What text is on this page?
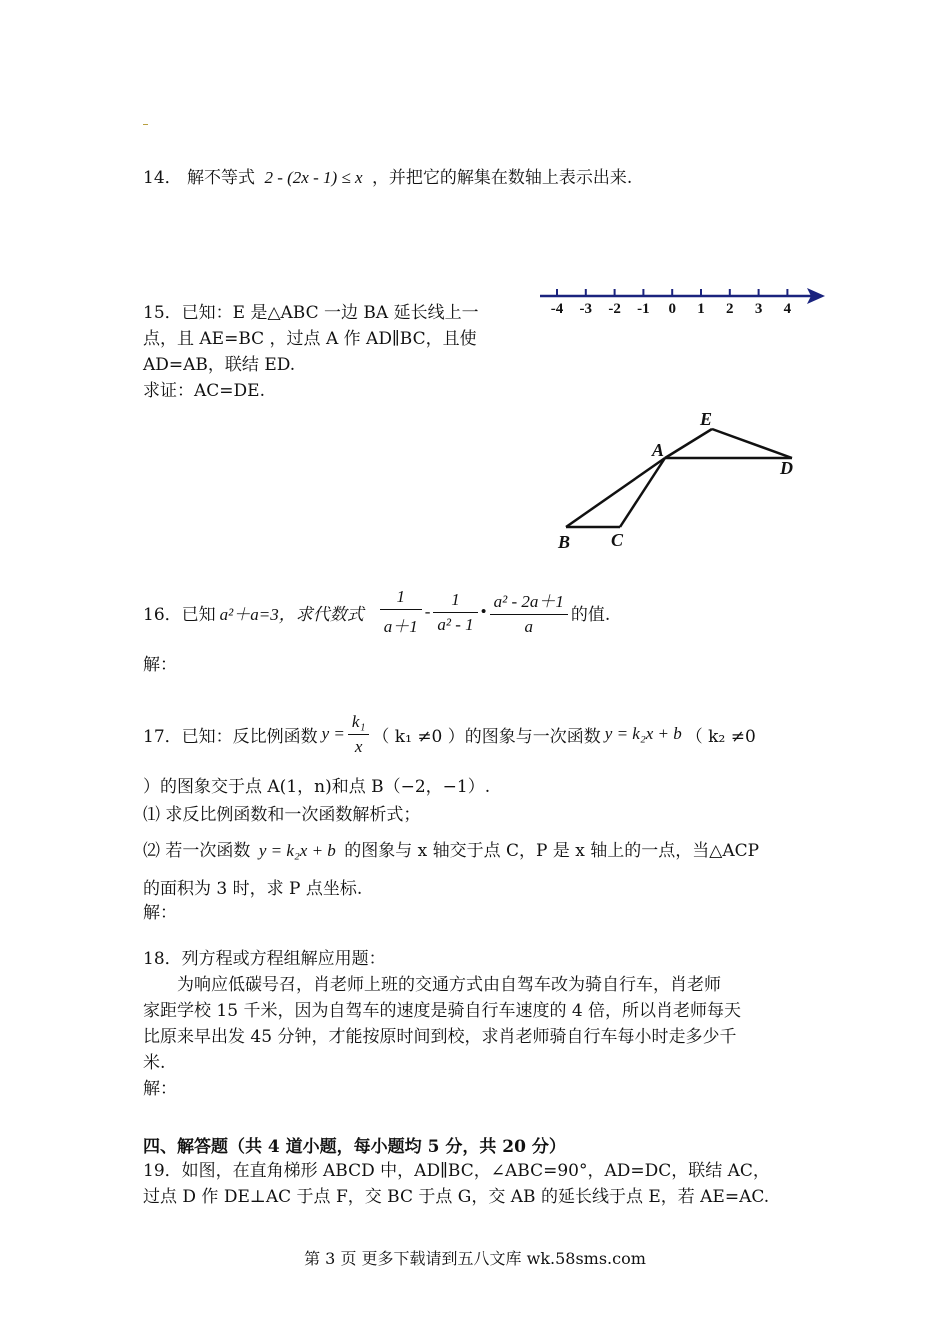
14． 解不等式 2 - (2x - 1) ≤ x ，并把它的解集在数轴上表示出来.
-4 -3 -2 -1 0 1 2 3 4
15．已知：E 是△ABC 一边 BA 延长线上一
点，且 AE=BC ，过点 A 作 AD∥BC，且使
AD=AB，联结 ED.
求证：AC=DE.
E
A
D
B C
16．已知 a²＋a=3，求代数式 $\frac{1}{a+1} - \frac{1}{\text{a² - 1}}$ • $\frac{\text{a² - 2a＋1}}{a}$ 的值.
解：
17．已知：反比例函数 $y = \frac{\text{k₁}}{x}$ （ k₁ ≠0 ）的图象与一次函数 y = k₂x + b （ k₂ ≠0
）的图象交于点 A(1，n)和点 B（−2，−1）.
⑴ 求反比例函数和一次函数解析式；
⑵ 若一次函数 y = k₂x + b 的图象与 x 轴交于点 C，P 是 x 轴上的一点，当△ACP
的面积为 3 时，求 P 点坐标.
解：
18．列方程或方程组解应用题：
为响应低碳号召，肖老师上班的交通方式由自驾车改为骑自行车，肖老师
家距学校 15 千米，因为自驾车的速度是骑自行车速度的 4 倍，所以肖老师每天
比原来早出发 45 分钟，才能按原时间到校，求肖老师骑自行车每小时走多少千
米.
解：
四、解答题（共 4 道小题，每小题均 5 分，共 20 分）
19．如图，在直角梯形 ABCD 中，AD∥BC，∠ABC=90°，AD=DC，联结 AC，
过点 D 作 DE⊥AC 于点 F，交 BC 于点 G，交 AB 的延长线于点 E，若 AE=AC.
第 3 页 更多下载请到五八文库 wk.58sms.com
